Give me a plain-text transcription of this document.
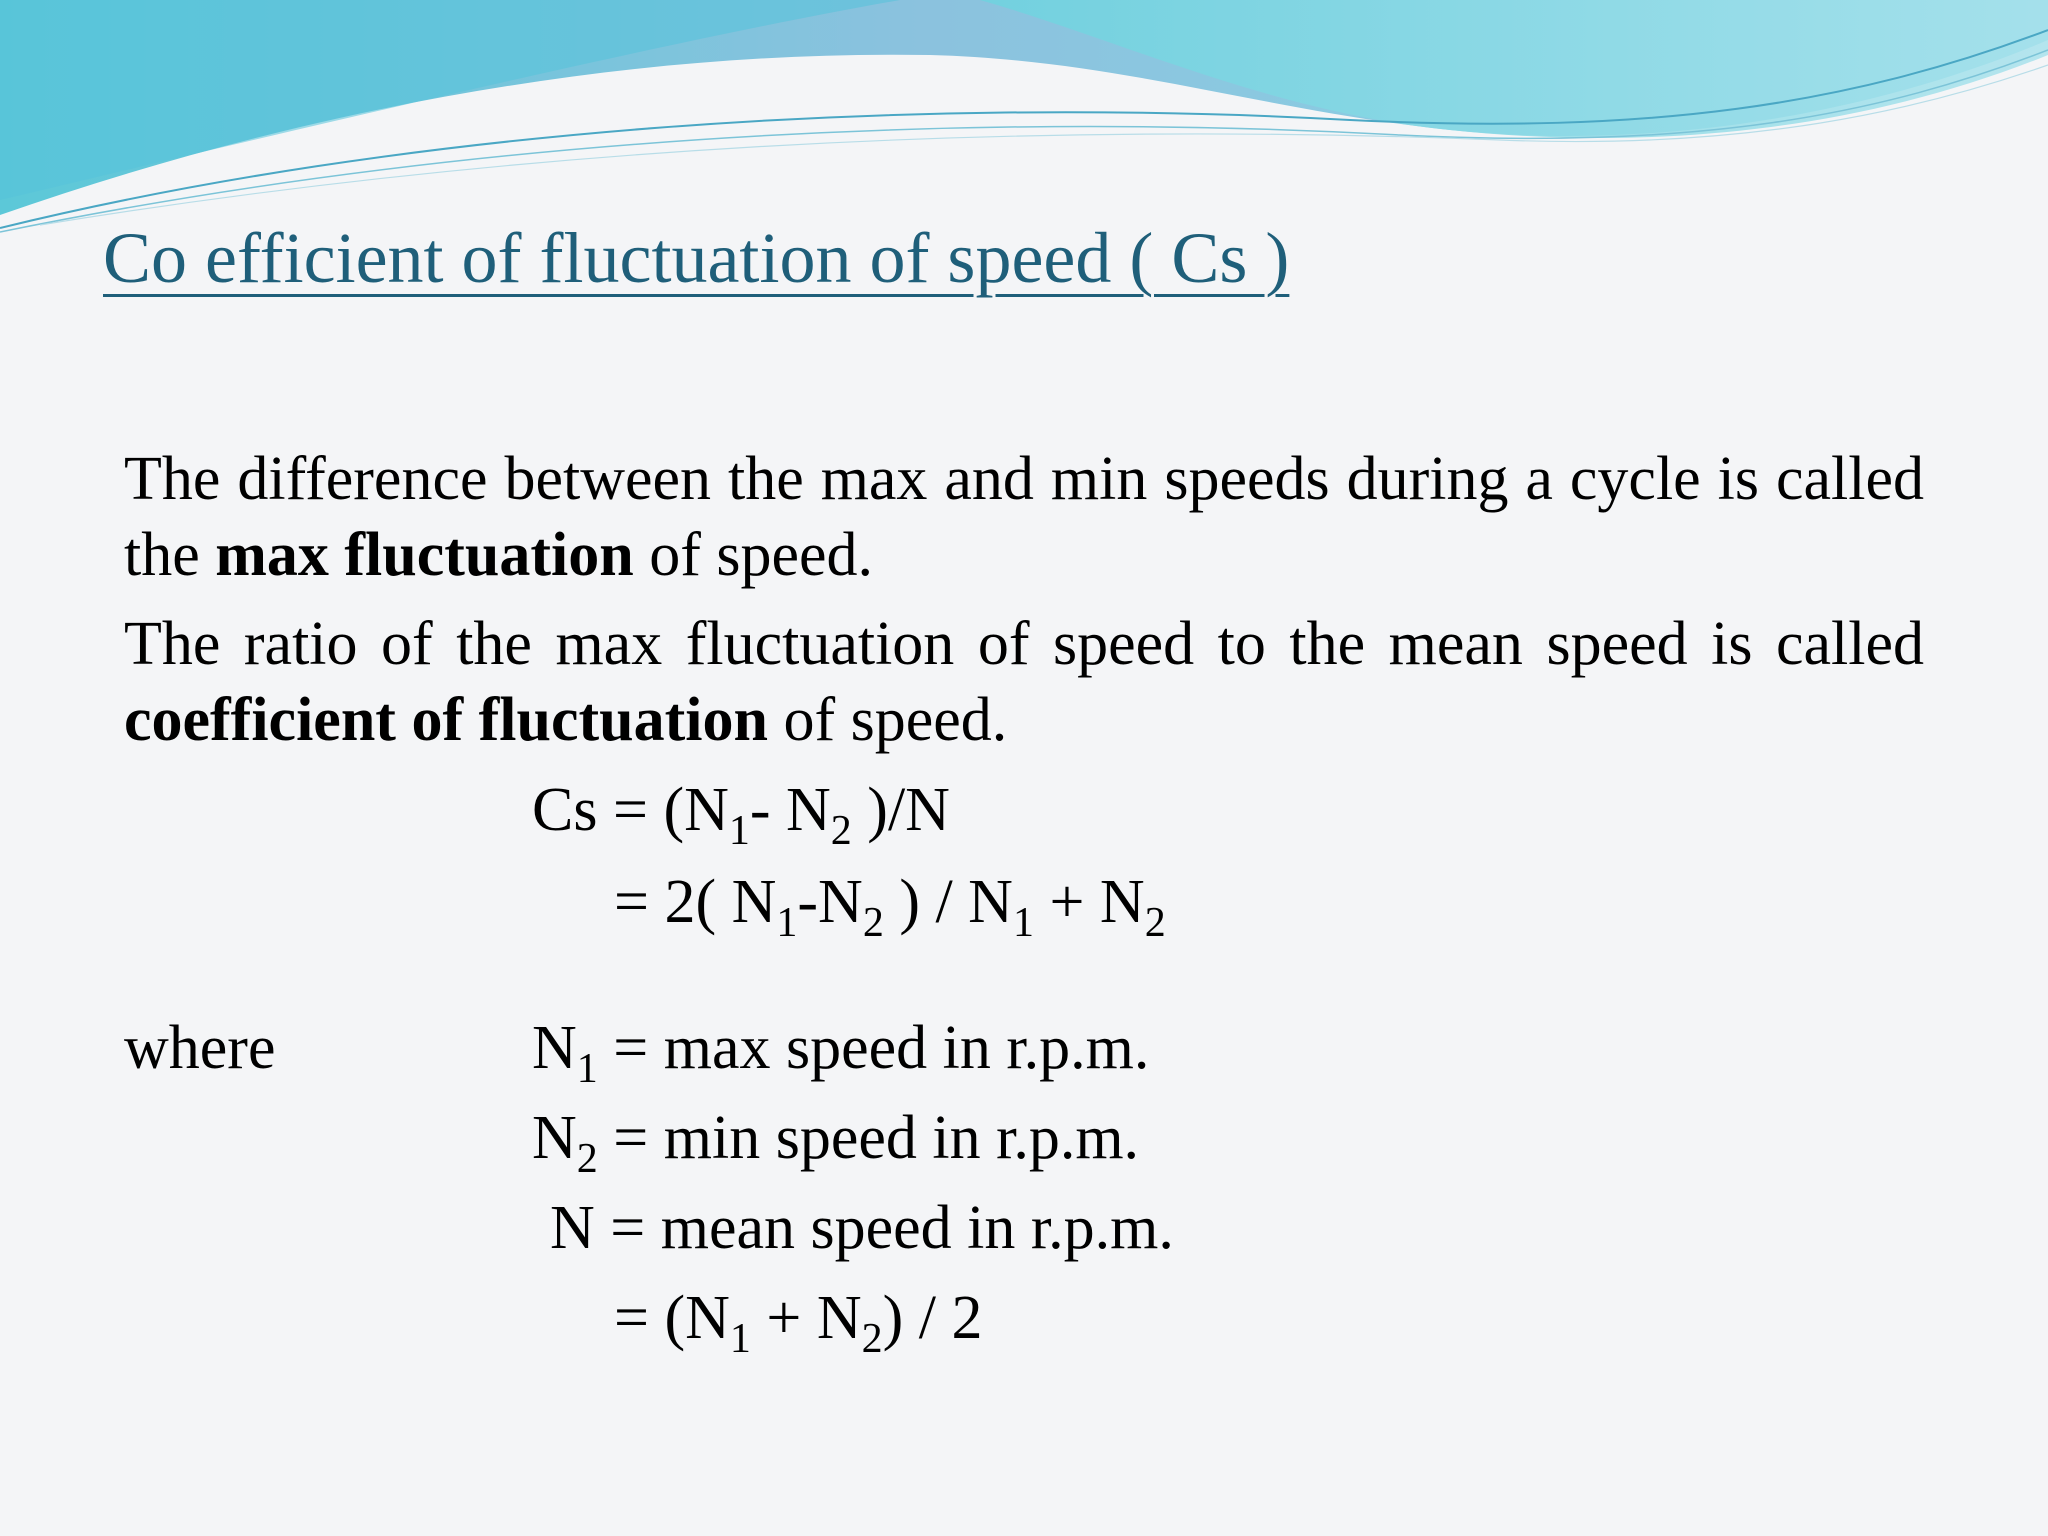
Co efficient of fluctuation of speed ( Cs )

The difference between the max and min speeds during a cycle is called the max fluctuation of speed.

The ratio of the max fluctuation of speed to the mean speed is called coefficient of fluctuation of speed.

$Cs = (N_1-$ $N_2$ )/N
= 2( $N_1-N_2$ ) / $N_1 + N_2$
where	$N_1 = \max$ speed in r.p.m.
$N_2 = \min$ speed in r.p.m.
N = mean speed in r.p.m.
= $(N_1 + N_2) / 2$
